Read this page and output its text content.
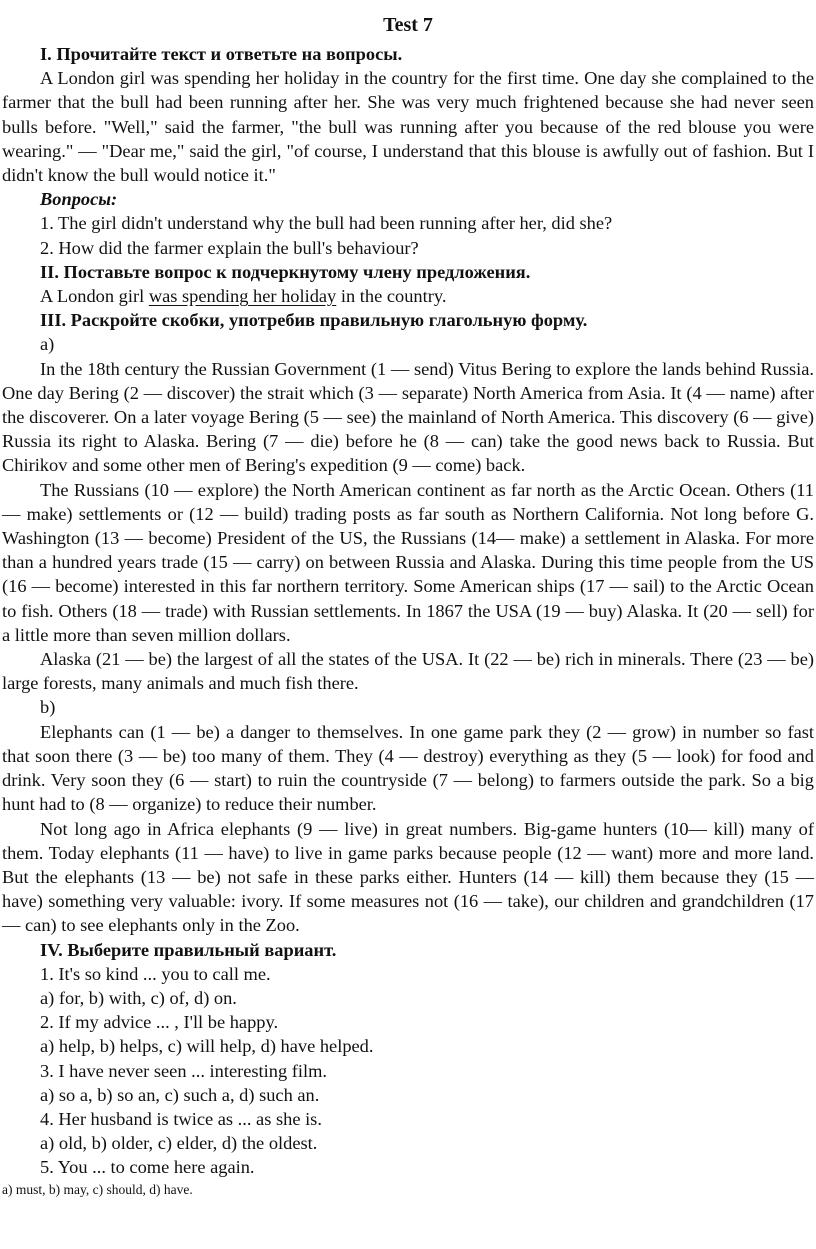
Test 7

I. Прочитайте текст и ответьте на вопросы.

A London girl was spending her holiday in the country for the first time. One day she complained to the farmer that the bull had been running after her. She was very much frightened because she had never seen bulls before. "Well," said the farmer, "the bull was running after you because of the red blouse you were wearing." — "Dear me," said the girl, "of course, I understand that this blouse is awfully out of fashion. But I didn't know the bull would notice it."

Вопросы:

1. The girl didn't understand why the bull had been running after her, did she?

2. How did the farmer explain the bull's behaviour?

II. Поставьте вопрос к подчеркнутому члену предложения.

A London girl was spending her holiday in the country.

III. Раскройте скобки, употребив правильную глагольную форму.

a)

In the 18th century the Russian Government (1 — send) Vitus Bering to explore the lands behind Russia. One day Bering (2 — discover) the strait which (3 — separate) North America from Asia. It (4 — name) after the discoverer. On a later voyage Bering (5 — see) the mainland of North America. This discovery (6 — give) Russia its right to Alaska. Bering (7 — die) before he (8 — can) take the good news back to Russia. But Chirikov and some other men of Bering's expedition (9 — come) back.

The Russians (10 — explore) the North American continent as far north as the Arctic Ocean. Others (11 — make) settlements or (12 — build) trading posts as far south as Northern California. Not long before G. Washington (13 — become) President of the US, the Russians (14— make) a settlement in Alaska. For more than a hundred years trade (15 — carry) on between Russia and Alaska. During this time people from the US (16 — become) interested in this far northern territory. Some American ships (17 — sail) to the Arctic Ocean to fish. Others (18 — trade) with Russian settlements. In 1867 the USA (19 — buy) Alaska. It (20 — sell) for a little more than seven million dollars.

Alaska (21 — be) the largest of all the states of the USA. It (22 — be) rich in minerals. There (23 — be) large forests, many animals and much fish there.

b)

Elephants can (1 — be) a danger to themselves. In one game park they (2 — grow) in number so fast that soon there (3 — be) too many of them. They (4 — destroy) everything as they (5 — look) for food and drink. Very soon they (6 — start) to ruin the countryside (7 — belong) to farmers outside the park. So a big hunt had to (8 — organize) to reduce their number.

Not long ago in Africa elephants (9 — live) in great numbers. Big-game hunters (10— kill) many of them. Today elephants (11 — have) to live in game parks because people (12 — want) more and more land. But the elephants (13 — be) not safe in these parks either. Hunters (14 — kill) them because they (15 — have) something very valuable: ivory. If some measures not (16 — take), our children and grandchildren (17 — can) to see elephants only in the Zoo.

IV. Выберите правильный вариант.

1. It's so kind ... you to call me.

a) for, b) with, c) of, d) on.

2. If my advice ... , I'll be happy.

a) help, b) helps, c) will help, d) have helped.

3. I have never seen ... interesting film.

a) so a, b) so an, c) such a, d) such an.

4. Her husband is twice as ... as she is.

a) old, b) older, c) elder, d) the oldest.

5. You ... to come here again.

a) must, b) may, c) should, d) have.
